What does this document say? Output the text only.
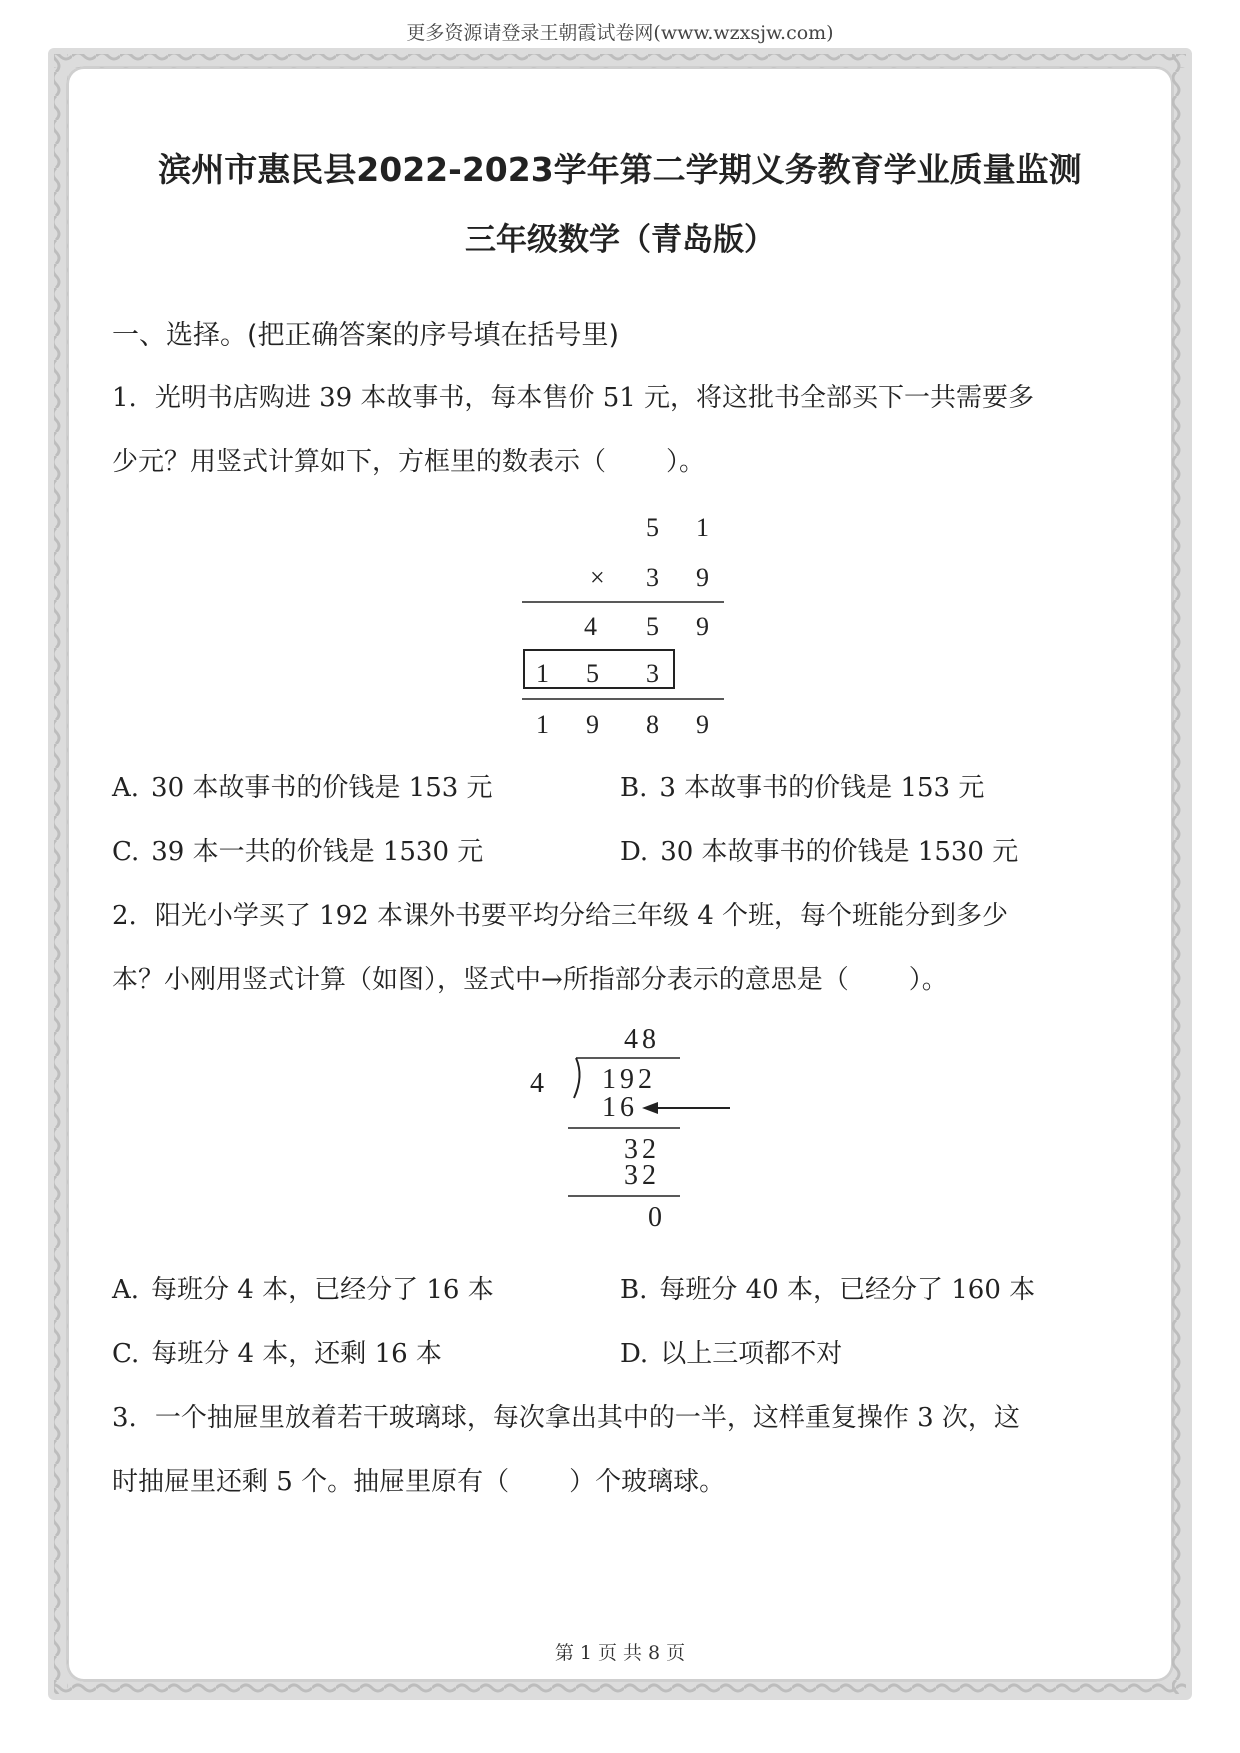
更多资源请登录王朝霞试卷网(www.wzxsjw.com)
滨州市惠民县2022-2023学年第二学期义务教育学业质量监测
三年级数学（青岛版）
一、选择。(把正确答案的序号填在括号里)
1. 光明书店购进 39 本故事书，每本售价 51 元，将这批书全部买下一共需要多
少元？用竖式计算如下，方框里的数表示（ ）。
5 1
× 3 9
4 5 9
1 5 3
1 9 8 9
A. 30 本故事书的价钱是 153 元	B. 3 本故事书的价钱是 153 元
C. 39 本一共的价钱是 1530 元	D. 30 本故事书的价钱是 1530 元
2. 阳光小学买了 192 本课外书要平均分给三年级 4 个班，每个班能分到多少
本？小刚用竖式计算（如图），竖式中→所指部分表示的意思是（ ）。
48
4 192
16
32
32
0
A. 每班分 4 本，已经分了 16 本	B. 每班分 40 本，已经分了 160 本
C. 每班分 4 本，还剩 16 本	D. 以上三项都不对
3. 一个抽屉里放着若干玻璃球，每次拿出其中的一半，这样重复操作 3 次，这
时抽屉里还剩 5 个。抽屉里原有（ ）个玻璃球。
第 1 页 共 8 页
